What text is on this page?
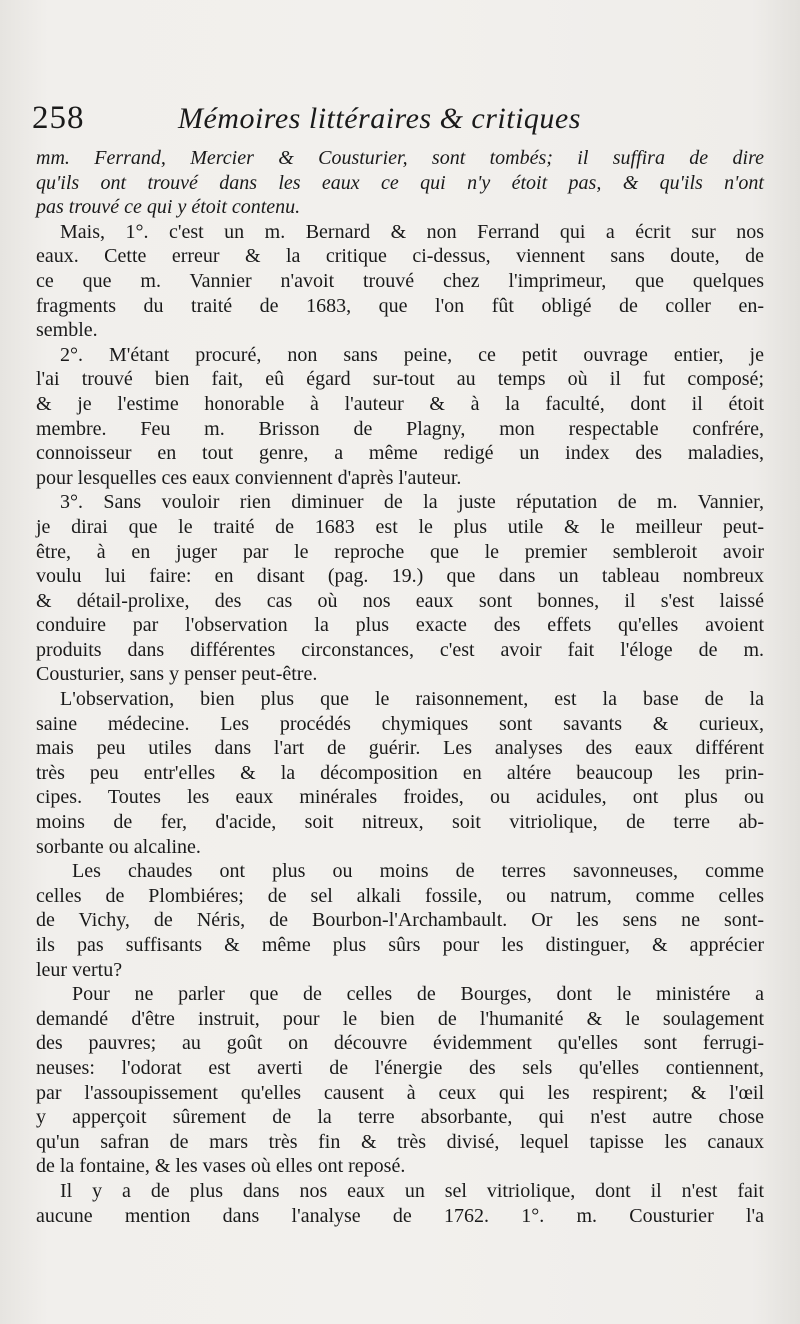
258	Mémoires littéraires & critiques
mm. Ferrand, Mercier & Cousturier, sont tombés; il suffira de dire
qu'ils ont trouvé dans les eaux ce qui n'y étoit pas, & qu'ils n'ont
pas trouvé ce qui y étoit contenu.
Mais, 1°. c'est un m. Bernard & non Ferrand qui a écrit sur nos
eaux. Cette erreur & la critique ci-dessus, viennent sans doute, de
ce que m. Vannier n'avoit trouvé chez l'imprimeur, que quelques
fragments du traité de 1683, que l'on fût obligé de coller en-
semble.
2°. M'étant procuré, non sans peine, ce petit ouvrage entier, je
l'ai trouvé bien fait, eû égard sur-tout au temps où il fut composé;
& je l'estime honorable à l'auteur & à la faculté, dont il étoit
membre. Feu m. Brisson de Plagny, mon respectable confrére,
connoisseur en tout genre, a même redigé un index des maladies,
pour lesquelles ces eaux conviennent d'après l'auteur.
3°. Sans vouloir rien diminuer de la juste réputation de m. Vannier,
je dirai que le traité de 1683 est le plus utile & le meilleur peut-
être, à en juger par le reproche que le premier sembleroit avoir
voulu lui faire: en disant (pag. 19.) que dans un tableau nombreux
& détail-prolixe, des cas où nos eaux sont bonnes, il s'est laissé
conduire par l'observation la plus exacte des effets qu'elles avoient
produits dans différentes circonstances, c'est avoir fait l'éloge de m.
Cousturier, sans y penser peut-être.
L'observation, bien plus que le raisonnement, est la base de la
saine médecine. Les procédés chymiques sont savants & curieux,
mais peu utiles dans l'art de guérir. Les analyses des eaux différent
très peu entr'elles & la décomposition en altére beaucoup les prin-
cipes. Toutes les eaux minérales froides, ou acidules, ont plus ou
moins de fer, d'acide, soit nitreux, soit vitriolique, de terre ab-
sorbante ou alcaline.
Les chaudes ont plus ou moins de terres savonneuses, comme
celles de Plombiéres; de sel alkali fossile, ou natrum, comme celles
de Vichy, de Néris, de Bourbon-l'Archambault. Or les sens ne sont-
ils pas suffisants & même plus sûrs pour les distinguer, & apprécier
leur vertu?
Pour ne parler que de celles de Bourges, dont le ministére a
demandé d'être instruit, pour le bien de l'humanité & le soulagement
des pauvres; au goût on découvre évidemment qu'elles sont ferrugi-
neuses: l'odorat est averti de l'énergie des sels qu'elles contiennent,
par l'assoupissement qu'elles causent à ceux qui les respirent; & l'œil
y apperçoit sûrement de la terre absorbante, qui n'est autre chose
qu'un safran de mars très fin & très divisé, lequel tapisse les canaux
de la fontaine, & les vases où elles ont reposé.
Il y a de plus dans nos eaux un sel vitriolique, dont il n'est fait
aucune mention dans l'analyse de 1762. 1°. m. Cousturier l'a
